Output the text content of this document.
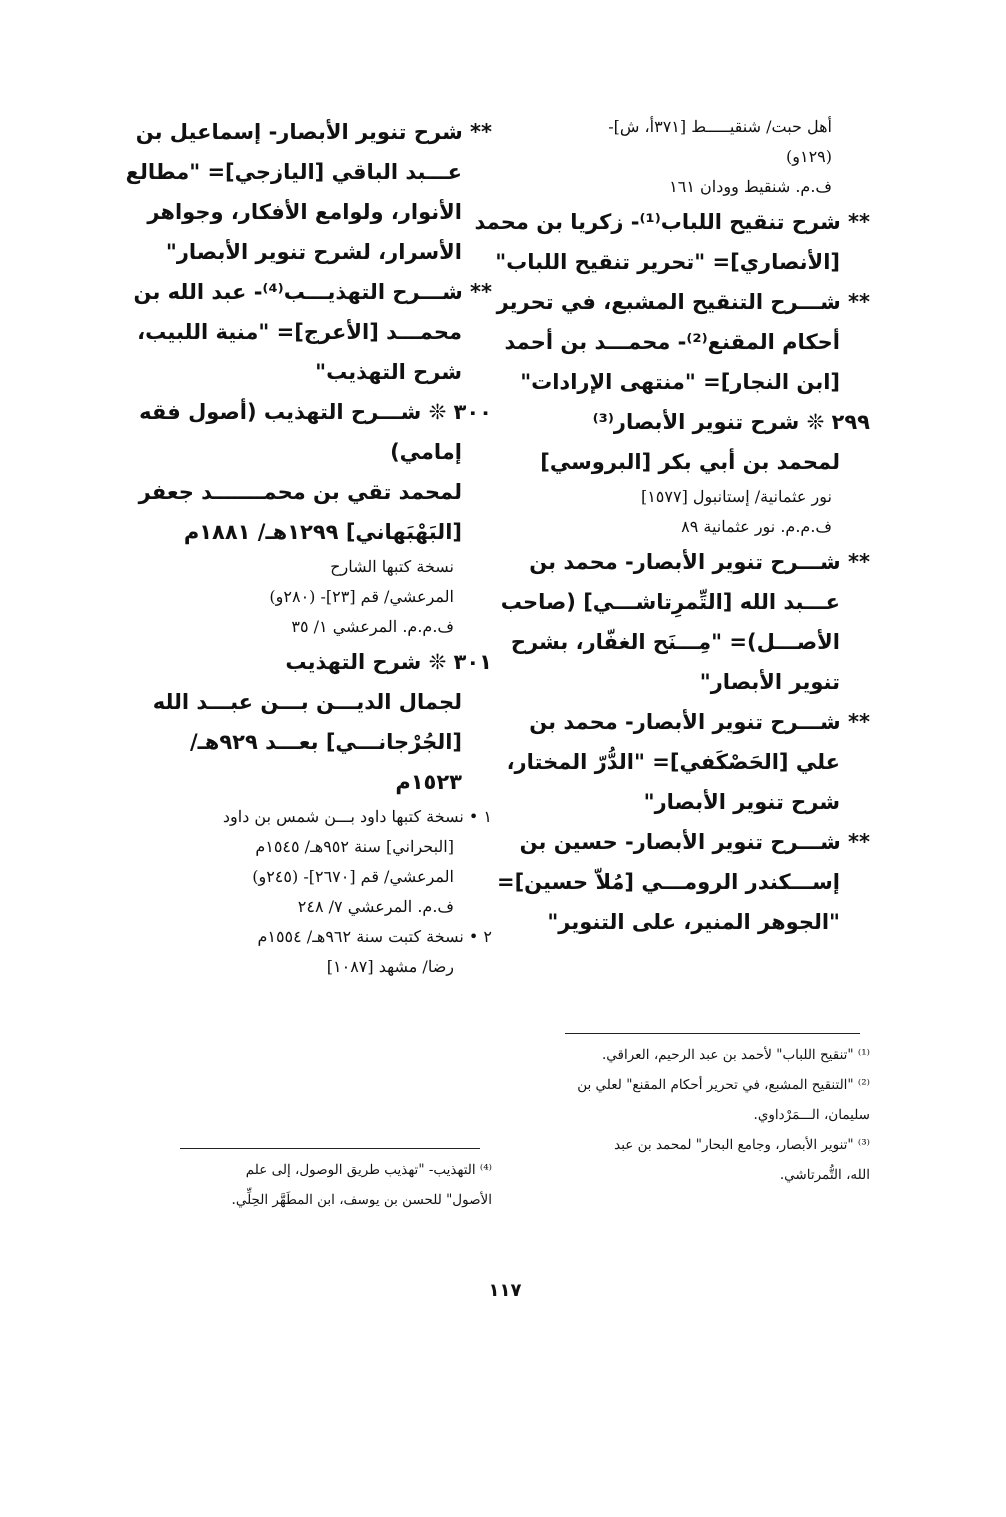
أهل حبت/ شنقيـــــط [٣٧١أ، ش]-
(١٢٩و)
ف.م. شنقيط وودان ١٦١
** شرح تنقيح اللباب⁽¹⁾- زكريا بن محمد
[الأنصاري]= "تحرير تنقيح اللباب"
** شـــرح التنقيح المشبع، في تحرير
أحكام المقنع⁽²⁾- محمـــد بن أحمد
[ابن النجار]= "منتهى الإرادات"
٢٩٩ ❊ شرح تنوير الأبصار⁽³⁾
لمحمد بن أبي بكر [البروسي]
نور عثمانية/ إستانبول [١٥٧٧]
ف.م.م. نور عثمانية ٨٩
** شـــرح تنوير الأبصار- محمد بن
عـــبد الله [التِّمرِتاشـــي] (صاحب
الأصـــل)= "مِـــنَح الغفّار، بشرح
تنوير الأبصار"
** شـــرح تنوير الأبصار- محمد بن
علي [الحَصْكَفي]= "الدُّرّ المختار،
شرح تنوير الأبصار"
** شـــرح تنوير الأبصار- حسين بن
إســـكندر الرومـــي [مُلاّ حسين]=
"الجوهر المنير، على التنوير"
** شرح تنوير الأبصار- إسماعيل بن
عـــبد الباقي [اليازجي]= "مطالع
الأنوار، ولوامع الأفكار، وجواهر
الأسرار، لشرح تنوير الأبصار"
** شـــرح التهذيـــب⁽⁴⁾- عبد الله بن
محمـــد [الأعرج]= "منية اللبيب،
شرح التهذيب"
٣٠٠ ❊ شـــرح التهذيب (أصول فقه
إمامي)
لمحمد تقي بن محمـــــــد جعفر
[البَهْبَهاني] ١٢٩٩هـ/ ١٨٨١م
نسخة كتبها الشارح
المرعشي/ قم [٢٣]- (٢٨٠و)
ف.م.م. المرعشي ١/ ٣٥
٣٠١ ❊ شرح التهذيب
لجمال الديـــن بـــن عبـــد الله
[الجُرْجانـــي] بعـــد ٩٢٩هـ/
١٥٢٣م
١ • نسخة كتبها داود بـــن شمس بن داود
[البحراني] سنة ٩٥٢هـ/ ١٥٤٥م
المرعشي/ قم [٢٦٧٠]- (٢٤٥و)
ف.م. المرعشي ٧/ ٢٤٨
٢ • نسخة كتبت سنة ٩٦٢هـ/ ١٥٥٤م
رضا/ مشهد [١٠٨٧]
⁽¹⁾ "تنقيح اللباب" لأحمد بن عبد الرحيم، العراقي.
⁽²⁾ "التنقيح المشبع، في تحرير أحكام المقنع" لعلي بن
سليمان، الـــمَرْداوي.
⁽³⁾ "تنوير الأبصار، وجامع البحار" لمحمد بن عبد
الله، التُّمرتاشي.
⁽⁴⁾ التهذيب- "تهذيب طريق الوصول، إلى علم
الأصول" للحسن بن يوسف، ابن المطَهَّر الحِلِّي.
١١٧
